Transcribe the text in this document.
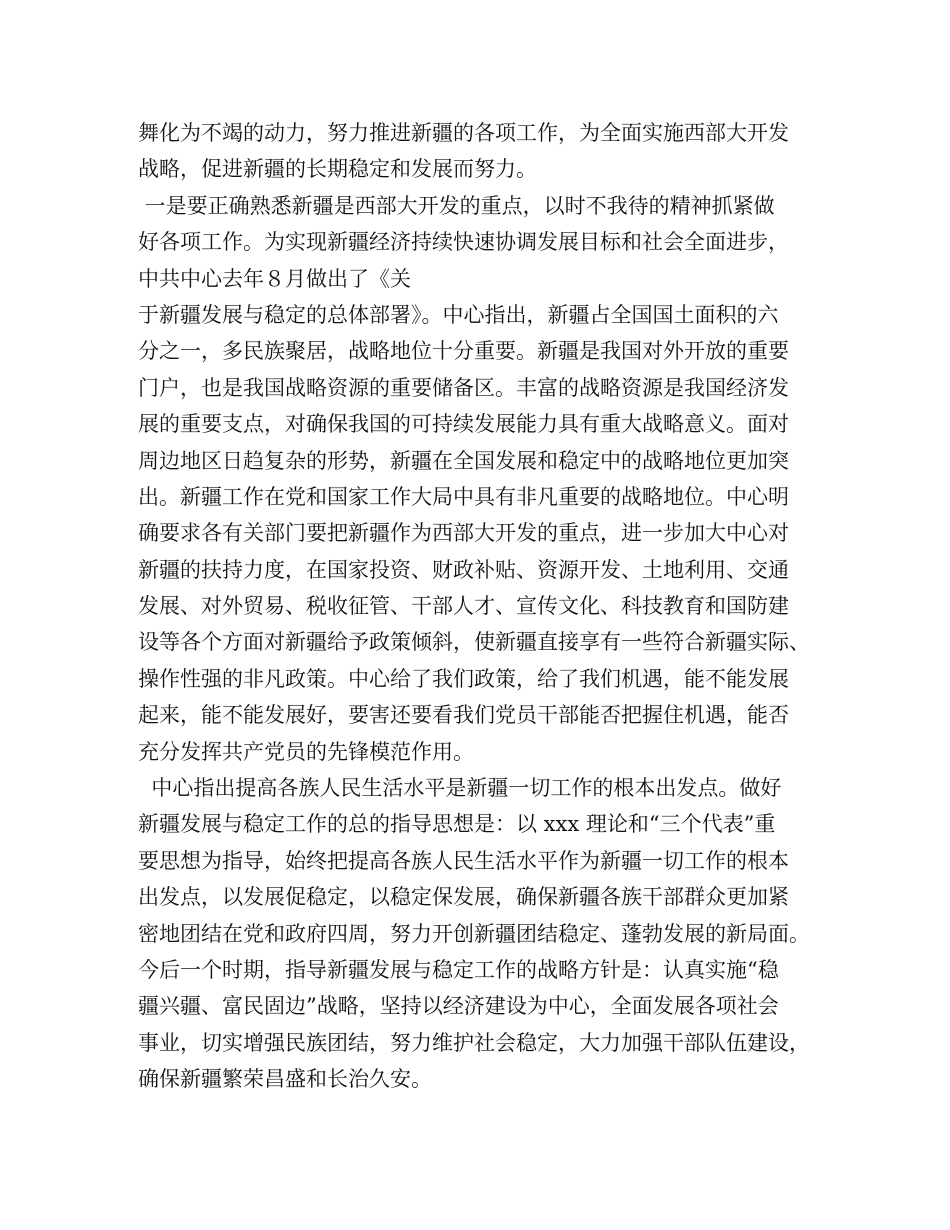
舞化为不竭的动力，努力推进新疆的各项工作，为全面实施西部大开发
战略，促进新疆的长期稳定和发展而努力。
一是要正确熟悉新疆是西部大开发的重点，以时不我待的精神抓紧做
好各项工作。为实现新疆经济持续快速协调发展目标和社会全面进步，
中共中心去年８月做出了《关
于新疆发展与稳定的总体部署》。中心指出，新疆占全国国土面积的六
分之一，多民族聚居，战略地位十分重要。新疆是我国对外开放的重要
门户，也是我国战略资源的重要储备区。丰富的战略资源是我国经济发
展的重要支点，对确保我国的可持续发展能力具有重大战略意义。面对
周边地区日趋复杂的形势，新疆在全国发展和稳定中的战略地位更加突
出。新疆工作在党和国家工作大局中具有非凡重要的战略地位。中心明
确要求各有关部门要把新疆作为西部大开发的重点，进一步加大中心对
新疆的扶持力度，在国家投资、财政补贴、资源开发、土地利用、交通
发展、对外贸易、税收征管、干部人才、宣传文化、科技教育和国防建
设等各个方面对新疆给予政策倾斜，使新疆直接享有一些符合新疆实际、
操作性强的非凡政策。中心给了我们政策，给了我们机遇，能不能发展
起来，能不能发展好，要害还要看我们党员干部能否把握住机遇，能否
充分发挥共产党员的先锋模范作用。
中心指出提高各族人民生活水平是新疆一切工作的根本出发点。做好
新疆发展与稳定工作的总的指导思想是：以 xxx 理论和“三个代表”重
要思想为指导，始终把提高各族人民生活水平作为新疆一切工作的根本
出发点，以发展促稳定，以稳定保发展，确保新疆各族干部群众更加紧
密地团结在党和政府四周，努力开创新疆团结稳定、蓬勃发展的新局面。
今后一个时期，指导新疆发展与稳定工作的战略方针是：认真实施“稳
疆兴疆、富民固边”战略，坚持以经济建设为中心，全面发展各项社会
事业，切实增强民族团结，努力维护社会稳定，大力加强干部队伍建设，
确保新疆繁荣昌盛和长治久安。
